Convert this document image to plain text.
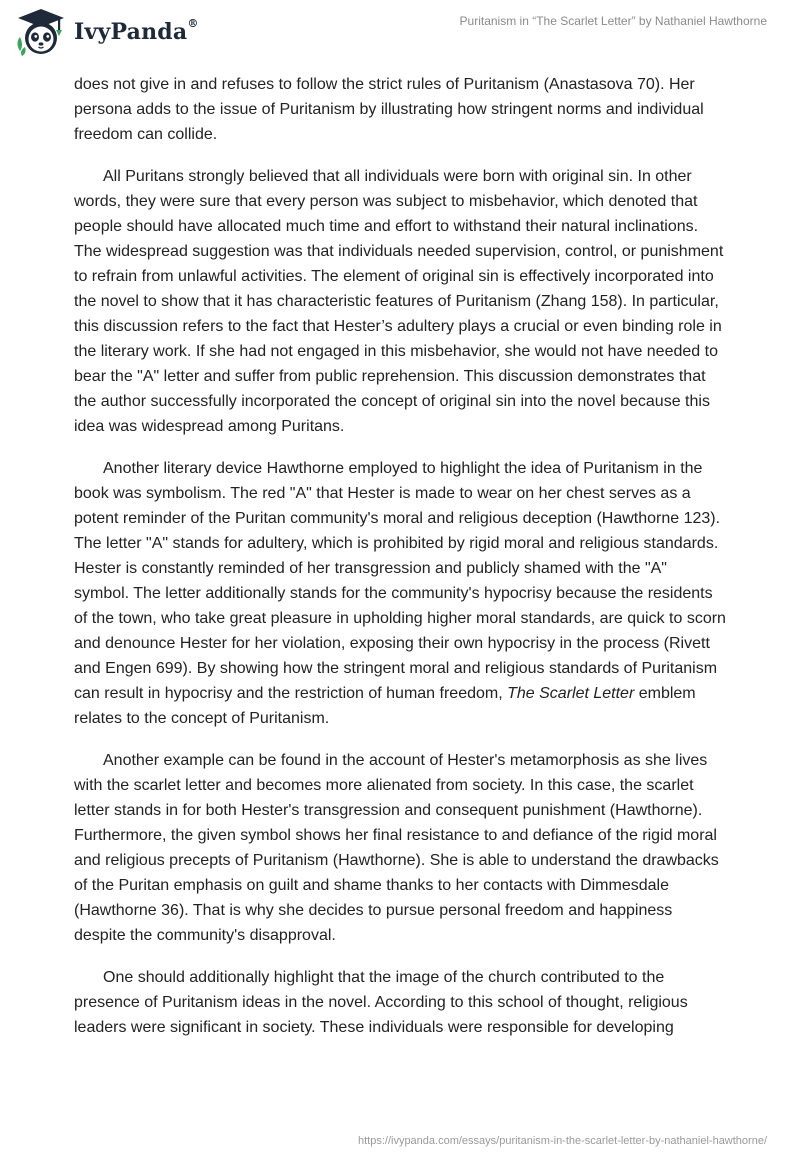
IvyPanda®	Puritanism in “The Scarlet Letter” by Nathaniel Hawthorne

does not give in and refuses to follow the strict rules of Puritanism (Anastasova 70). Her persona adds to the issue of Puritanism by illustrating how stringent norms and individual freedom can collide.

All Puritans strongly believed that all individuals were born with original sin. In other words, they were sure that every person was subject to misbehavior, which denoted that people should have allocated much time and effort to withstand their natural inclinations. The widespread suggestion was that individuals needed supervision, control, or punishment to refrain from unlawful activities. The element of original sin is effectively incorporated into the novel to show that it has characteristic features of Puritanism (Zhang 158). In particular, this discussion refers to the fact that Hester’s adultery plays a crucial or even binding role in the literary work. If she had not engaged in this misbehavior, she would not have needed to bear the "A" letter and suffer from public reprehension. This discussion demonstrates that the author successfully incorporated the concept of original sin into the novel because this idea was widespread among Puritans.

Another literary device Hawthorne employed to highlight the idea of Puritanism in the book was symbolism. The red "A" that Hester is made to wear on her chest serves as a potent reminder of the Puritan community's moral and religious deception (Hawthorne 123). The letter "A" stands for adultery, which is prohibited by rigid moral and religious standards. Hester is constantly reminded of her transgression and publicly shamed with the "A" symbol. The letter additionally stands for the community's hypocrisy because the residents of the town, who take great pleasure in upholding higher moral standards, are quick to scorn and denounce Hester for her violation, exposing their own hypocrisy in the process (Rivett and Engen 699). By showing how the stringent moral and religious standards of Puritanism can result in hypocrisy and the restriction of human freedom, The Scarlet Letter emblem relates to the concept of Puritanism.

Another example can be found in the account of Hester's metamorphosis as she lives with the scarlet letter and becomes more alienated from society. In this case, the scarlet letter stands in for both Hester's transgression and consequent punishment (Hawthorne). Furthermore, the given symbol shows her final resistance to and defiance of the rigid moral and religious precepts of Puritanism (Hawthorne). She is able to understand the drawbacks of the Puritan emphasis on guilt and shame thanks to her contacts with Dimmesdale (Hawthorne 36). That is why she decides to pursue personal freedom and happiness despite the community's disapproval.

One should additionally highlight that the image of the church contributed to the presence of Puritanism ideas in the novel. According to this school of thought, religious leaders were significant in society. These individuals were responsible for developing

https://ivypanda.com/essays/puritanism-in-the-scarlet-letter-by-nathaniel-hawthorne/
